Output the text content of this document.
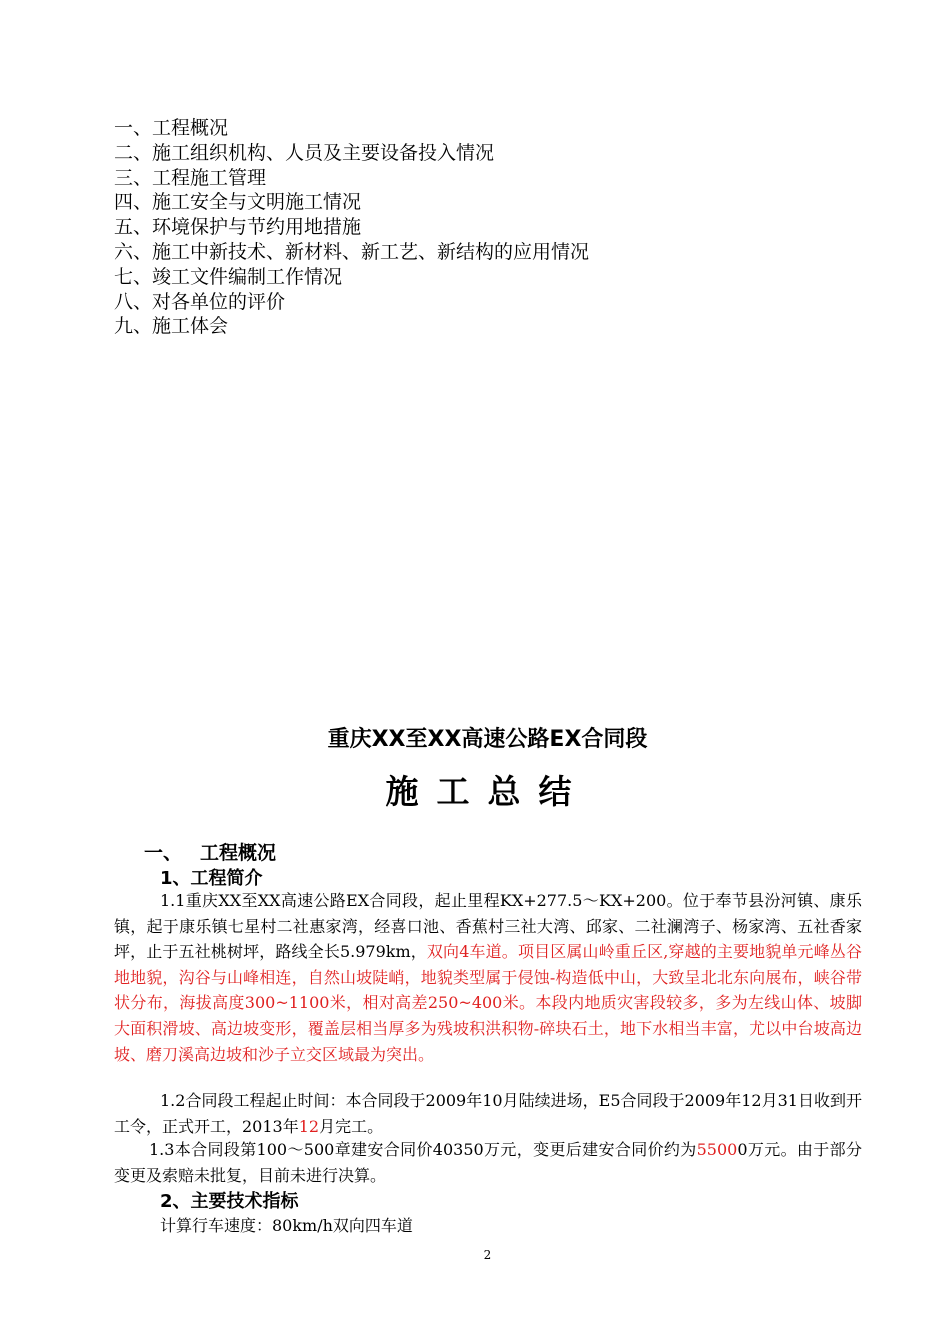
一、工程概况
二、施工组织机构、人员及主要设备投入情况
三、工程施工管理
四、施工安全与文明施工情况
五、环境保护与节约用地措施
六、施工中新技术、新材料、新工艺、新结构的应用情况
七、竣工文件编制工作情况
八、对各单位的评价
九、施工体会
重庆XX至XX高速公路EX合同段
施工总结
一、 工程概况
1、工程简介
1.1重庆XX至XX高速公路EX合同段，起止里程KX+277.5～KX+200。位于奉节县汾河镇、康乐镇，起于康乐镇七星村二社惠家湾，经喜口池、香蕉村三社大湾、邱家、二社澜湾子、杨家湾、五社香家坪，止于五社桃树坪，路线全长5.979km，双向4车道。项目区属山岭重丘区,穿越的主要地貌单元峰丛谷地地貌，沟谷与山峰相连，自然山坡陡峭，地貌类型属于侵蚀-构造低中山，大致呈北北东向展布，峡谷带状分布，海拔高度300~1100米，相对高差250~400米。本段内地质灾害段较多，多为左线山体、坡脚大面积滑坡、高边坡变形，覆盖层相当厚多为残坡积洪积物-碎块石土，地下水相当丰富，尤以中台坡高边坡、磨刀溪高边坡和沙子立交区域最为突出。
1.2合同段工程起止时间：本合同段于2009年10月陆续进场，E5合同段于2009年12月31日收到开工令，正式开工，2013年12月完工。
1.3本合同段第100～500章建安合同价40350万元，变更后建安合同价约为55000万元。由于部分变更及索赔未批复，目前未进行决算。
2、主要技术指标
计算行车速度：80km/h双向四车道
2
